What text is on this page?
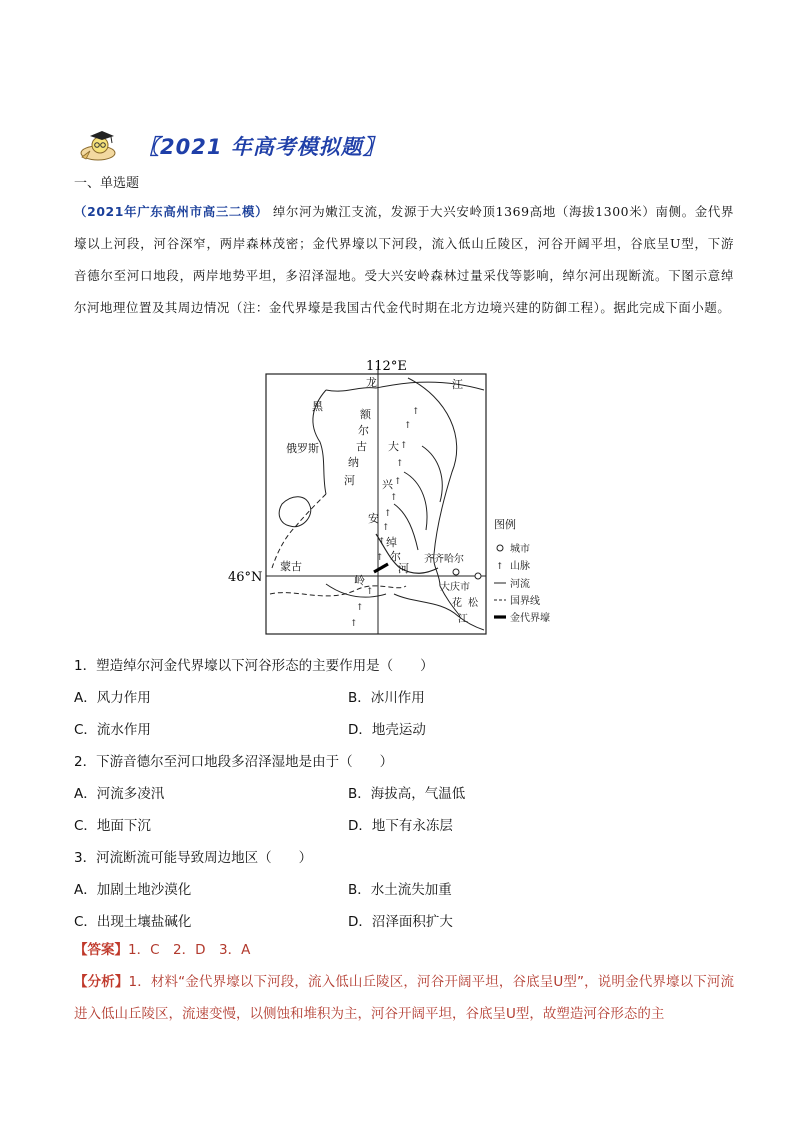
〖2021 年高考模拟题〗
一、单选题
（2021年广东高州市高三二模） 绰尔河为嫩江支流，发源于大兴安岭顶1369高地（海拔1300米）南侧。金代界壕以上河段，河谷深窄，两岸森林茂密；金代界壕以下河段，流入低山丘陵区，河谷开阔平坦，谷底呈U型，下游音德尔至河口地段，两岸地势平坦，多沼泽湿地。受大兴安岭森林过量采伐等影响，绰尔河出现断流。下图示意绰尔河地理位置及其周边情况（注：金代界壕是我国古代金代时期在北方边境兴建的防御工程）。据此完成下面小题。
112°E
46°N
↑
↑
↑
↑
↑
↑
↑
↑
↑
↑
↑
↑
↑
龙	江
黑
俄罗斯
额
尔
古
纳
河
大
兴
安
岭
绰
尔
河
蒙古
齐齐哈尔
大庆市
花 松
江
图例
城市
↑ 山脉
河流
国界线
金代界壕
1．塑造绰尔河金代界壕以下河谷形态的主要作用是（　　）
A．风力作用	B．冰川作用
C．流水作用	D．地壳运动
2．下游音德尔至河口地段多沼泽湿地是由于（　　）
A．河流多凌汛	B．海拔高，气温低
C．地面下沉	D．地下有永冻层
3．河流断流可能导致周边地区（　　）
A．加剧土地沙漠化	B．水土流失加重
C．出现土壤盐碱化	D．沼泽面积扩大
【答案】1．C　2．D　3．A
【分析】1．材料“金代界壕以下河段，流入低山丘陵区，河谷开阔平坦，谷底呈U型”，说明金代界壕以下河流进入低山丘陵区，流速变慢，以侧蚀和堆积为主，河谷开阔平坦，谷底呈U型，故塑造河谷形态的主
